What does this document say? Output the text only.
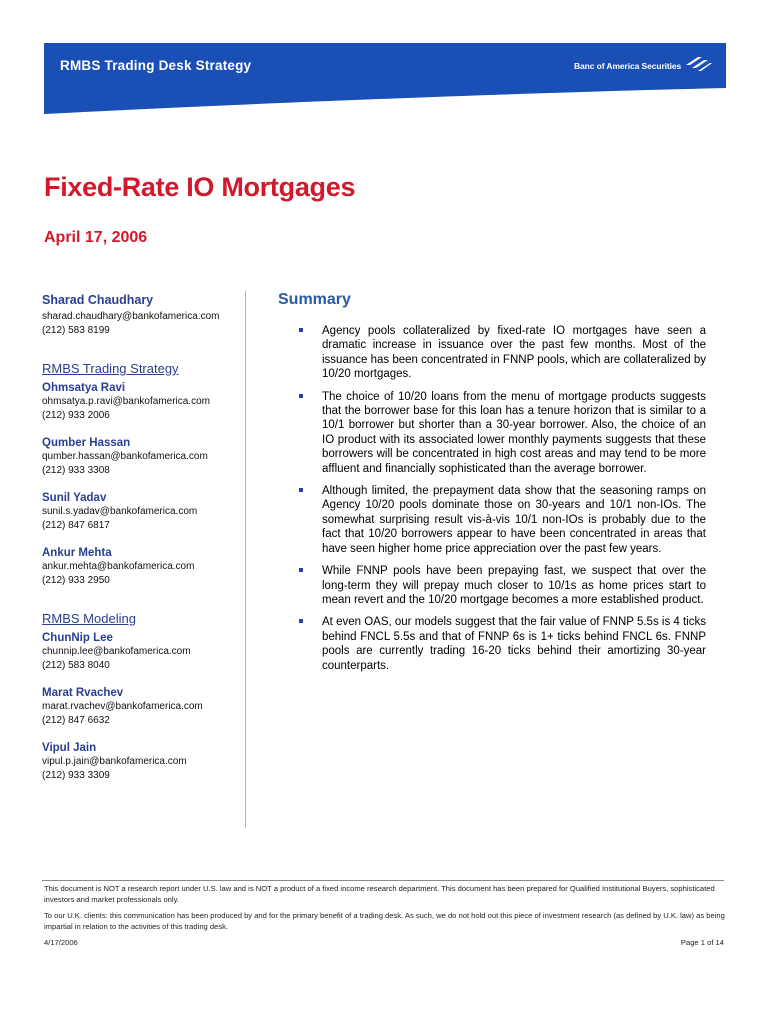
RMBS Trading Desk Strategy	Banc of America Securities
Fixed-Rate IO Mortgages
April 17, 2006
Sharad Chaudhary
sharad.chaudhary@bankofamerica.com
(212) 583 8199
RMBS Trading Strategy
Ohmsatya Ravi
ohmsatya.p.ravi@bankofamerica.com
(212) 933 2006
Qumber Hassan
qumber.hassan@bankofamerica.com
(212) 933 3308
Sunil Yadav
sunil.s.yadav@bankofamerica.com
(212) 847 6817
Ankur Mehta
ankur.mehta@bankofamerica.com
(212) 933 2950
RMBS Modeling
ChunNip Lee
chunnip.lee@bankofamerica.com
(212) 583 8040
Marat Rvachev
marat.rvachev@bankofamerica.com
(212) 847 6632
Vipul Jain
vipul.p.jain@bankofamerica.com
(212) 933 3309
Summary
Agency pools collateralized by fixed-rate IO mortgages have seen a dramatic increase in issuance over the past few months. Most of the issuance has been concentrated in FNNP pools, which are collateralized by 10/20 mortgages.
The choice of 10/20 loans from the menu of mortgage products suggests that the borrower base for this loan has a tenure horizon that is similar to a 10/1 borrower but shorter than a 30-year borrower. Also, the choice of an IO product with its associated lower monthly payments suggests that these borrowers will be concentrated in high cost areas and may tend to be more affluent and financially sophisticated than the average borrower.
Although limited, the prepayment data show that the seasoning ramps on Agency 10/20 pools dominate those on 30-years and 10/1 non-IOs. The somewhat surprising result vis-à-vis 10/1 non-IOs is probably due to the fact that 10/20 borrowers appear to have been concentrated in areas that have seen higher home price appreciation over the past few years.
While FNNP pools have been prepaying fast, we suspect that over the long-term they will prepay much closer to 10/1s as home prices start to mean revert and the 10/20 mortgage becomes a more established product.
At even OAS, our models suggest that the fair value of FNNP 5.5s is 4 ticks behind FNCL 5.5s and that of FNNP 6s is 1+ ticks behind FNCL 6s. FNNP pools are currently trading 16-20 ticks behind their amortizing 30-year counterparts.
This document is NOT a research report under U.S. law and is NOT a product of a fixed income research department. This document has been prepared for Qualified Institutional Buyers, sophisticated investors and market professionals only.
To our U.K. clients: this communication has been produced by and for the primary benefit of a trading desk. As such, we do not hold out this piece of investment research (as defined by U.K. law) as being impartial in relation to the activities of this trading desk.
4/17/2006	Page 1 of 14
